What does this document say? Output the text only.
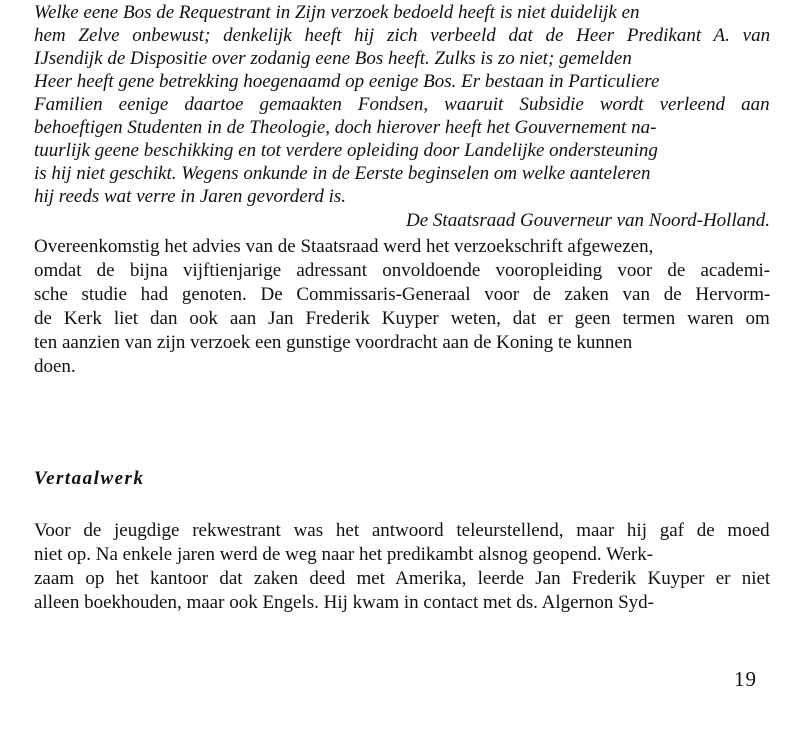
Welke eene Bos de Requestrant in Zijn verzoek bedoeld heeft is niet duidelijk en
hem Zelve onbewust; denkelijk heeft hij zich verbeeld dat de Heer Predikant A. van
IJsendijk de Dispositie over zodanig eene Bos heeft. Zulks is zo niet; gemelden
Heer heeft gene betrekking hoegenaamd op eenige Bos. Er bestaan in Particuliere
Familien eenige daartoe gemaakten Fondsen, waaruit Subsidie wordt verleend aan
behoeftigen Studenten in de Theologie, doch hierover heeft het Gouvernement na-
tuurlijk geene beschikking en tot verdere opleiding door Landelijke ondersteuning
is hij niet geschikt. Wegens onkunde in de Eerste beginselen om welke aanteleren
hij reeds wat verre in Jaren gevorderd is.
De Staatsraad Gouverneur van Noord-Holland.
Overeenkomstig het advies van de Staatsraad werd het verzoekschrift afgewezen,
omdat de bijna vijftienjarige adressant onvoldoende vooropleiding voor de academi-
sche studie had genoten. De Commissaris-Generaal voor de zaken van de Hervorm-
de Kerk liet dan ook aan Jan Frederik Kuyper weten, dat er geen termen waren om
ten aanzien van zijn verzoek een gunstige voordracht aan de Koning te kunnen
doen.
Vertaalwerk
Voor de jeugdige rekwestrant was het antwoord teleurstellend, maar hij gaf de moed
niet op. Na enkele jaren werd de weg naar het predikambt alsnog geopend. Werk-
zaam op het kantoor dat zaken deed met Amerika, leerde Jan Frederik Kuyper er niet
alleen boekhouden, maar ook Engels. Hij kwam in contact met ds. Algernon Syd-
19
